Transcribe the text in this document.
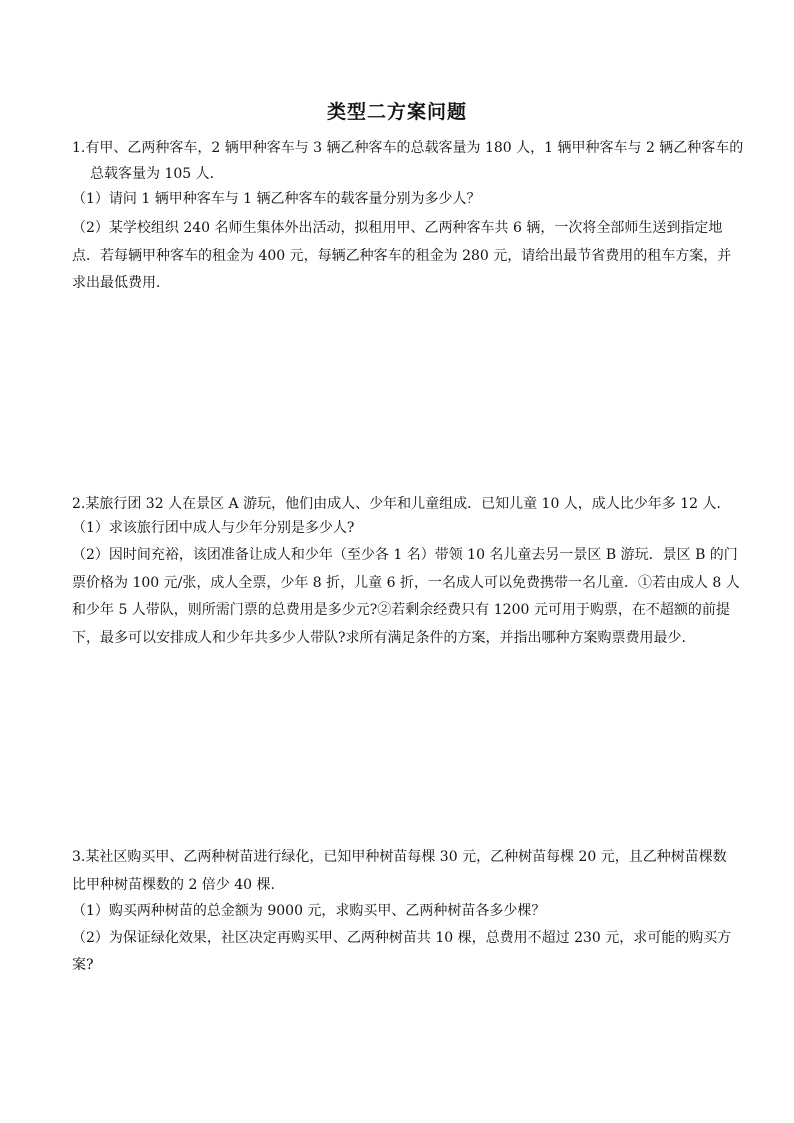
类型二方案问题
1.有甲、乙两种客车，2 辆甲种客车与 3 辆乙种客车的总载客量为 180 人，1 辆甲种客车与 2 辆乙种客车的
总载客量为 105 人．
（1）请问 1 辆甲种客车与 1 辆乙种客车的载客量分别为多少人？
（2）某学校组织 240 名师生集体外出活动，拟租用甲、乙两种客车共 6 辆，一次将全部师生送到指定地
点．若每辆甲种客车的租金为 400 元，每辆乙种客车的租金为 280 元，请给出最节省费用的租车方案，并
求出最低费用．
2.某旅行团 32 人在景区 A 游玩，他们由成人、少年和儿童组成．已知儿童 10 人，成人比少年多 12 人．
（1）求该旅行团中成人与少年分别是多少人?
（2）因时间充裕，该团准备让成人和少年（至少各 1 名）带领 10 名儿童去另一景区 B 游玩．景区 B 的门
票价格为 100 元/张，成人全票，少年 8 折，儿童 6 折，一名成人可以免费携带一名儿童．①若由成人 8 人
和少年 5 人带队，则所需门票的总费用是多少元?②若剩余经费只有 1200 元可用于购票，在不超额的前提
下，最多可以安排成人和少年共多少人带队?求所有满足条件的方案，并指出哪种方案购票费用最少．
3.某社区购买甲、乙两种树苗进行绿化，已知甲种树苗每棵 30 元，乙种树苗每棵 20 元，且乙种树苗棵数
比甲种树苗棵数的 2 倍少 40 棵.
（1）购买两种树苗的总金额为 9000 元，求购买甲、乙两种树苗各多少棵？
（2）为保证绿化效果，社区决定再购买甲、乙两种树苗共 10 棵，总费用不超过 230 元，求可能的购买方
案?
